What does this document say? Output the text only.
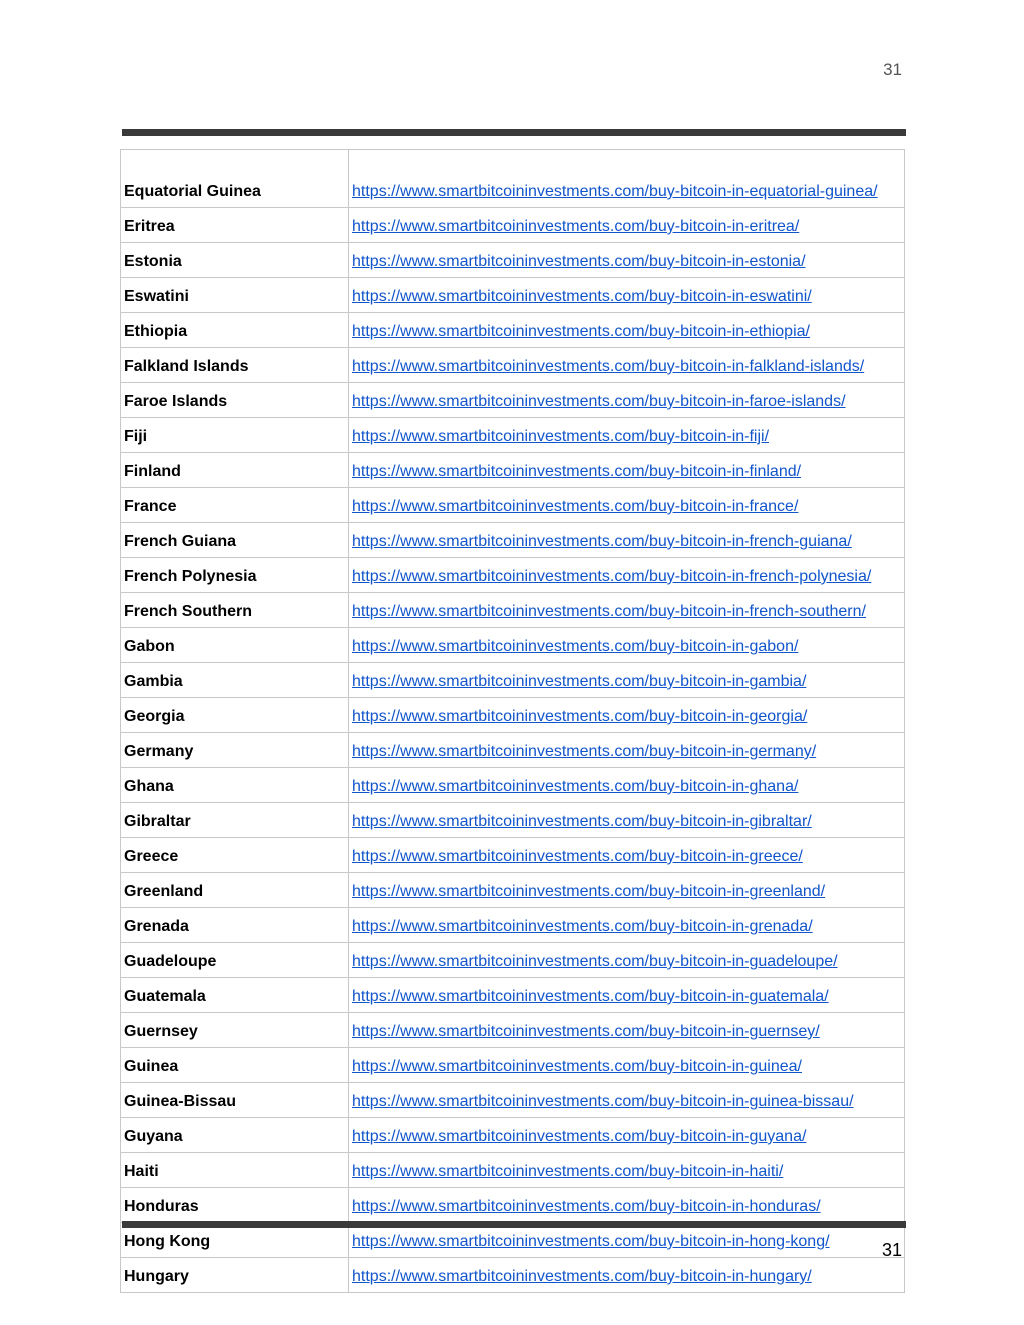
31
Equatorial Guinea	https://www.smartbitcoininvestments.com/buy-bitcoin-in-equatorial-guinea/
Eritrea	https://www.smartbitcoininvestments.com/buy-bitcoin-in-eritrea/
Estonia	https://www.smartbitcoininvestments.com/buy-bitcoin-in-estonia/
Eswatini	https://www.smartbitcoininvestments.com/buy-bitcoin-in-eswatini/
Ethiopia	https://www.smartbitcoininvestments.com/buy-bitcoin-in-ethiopia/
Falkland Islands	https://www.smartbitcoininvestments.com/buy-bitcoin-in-falkland-islands/
Faroe Islands	https://www.smartbitcoininvestments.com/buy-bitcoin-in-faroe-islands/
Fiji	https://www.smartbitcoininvestments.com/buy-bitcoin-in-fiji/
Finland	https://www.smartbitcoininvestments.com/buy-bitcoin-in-finland/
France	https://www.smartbitcoininvestments.com/buy-bitcoin-in-france/
French Guiana	https://www.smartbitcoininvestments.com/buy-bitcoin-in-french-guiana/
French Polynesia	https://www.smartbitcoininvestments.com/buy-bitcoin-in-french-polynesia/
French Southern	https://www.smartbitcoininvestments.com/buy-bitcoin-in-french-southern/
Gabon	https://www.smartbitcoininvestments.com/buy-bitcoin-in-gabon/
Gambia	https://www.smartbitcoininvestments.com/buy-bitcoin-in-gambia/
Georgia	https://www.smartbitcoininvestments.com/buy-bitcoin-in-georgia/
Germany	https://www.smartbitcoininvestments.com/buy-bitcoin-in-germany/
Ghana	https://www.smartbitcoininvestments.com/buy-bitcoin-in-ghana/
Gibraltar	https://www.smartbitcoininvestments.com/buy-bitcoin-in-gibraltar/
Greece	https://www.smartbitcoininvestments.com/buy-bitcoin-in-greece/
Greenland	https://www.smartbitcoininvestments.com/buy-bitcoin-in-greenland/
Grenada	https://www.smartbitcoininvestments.com/buy-bitcoin-in-grenada/
Guadeloupe	https://www.smartbitcoininvestments.com/buy-bitcoin-in-guadeloupe/
Guatemala	https://www.smartbitcoininvestments.com/buy-bitcoin-in-guatemala/
Guernsey	https://www.smartbitcoininvestments.com/buy-bitcoin-in-guernsey/
Guinea	https://www.smartbitcoininvestments.com/buy-bitcoin-in-guinea/
Guinea-Bissau	https://www.smartbitcoininvestments.com/buy-bitcoin-in-guinea-bissau/
Guyana	https://www.smartbitcoininvestments.com/buy-bitcoin-in-guyana/
Haiti	https://www.smartbitcoininvestments.com/buy-bitcoin-in-haiti/
Honduras	https://www.smartbitcoininvestments.com/buy-bitcoin-in-honduras/
Hong Kong	https://www.smartbitcoininvestments.com/buy-bitcoin-in-hong-kong/
Hungary	https://www.smartbitcoininvestments.com/buy-bitcoin-in-hungary/
31
